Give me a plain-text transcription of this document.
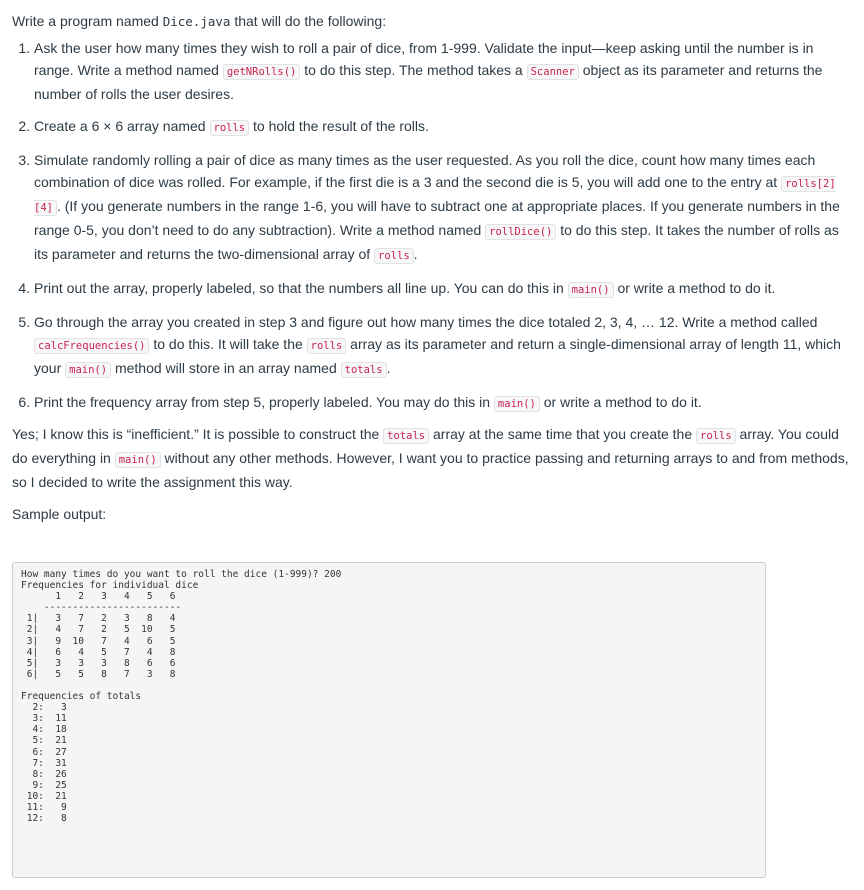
Write a program named Dice.java that will do the following:

1. Ask the user how many times they wish to roll a pair of dice, from 1-999. Validate the input—keep asking until the number is in range. Write a method named getNRolls() to do this step. The method takes a Scanner object as its parameter and returns the number of rolls the user desires.
2. Create a 6 × 6 array named rolls to hold the result of the rolls.
3. Simulate randomly rolling a pair of dice as many times as the user requested. As you roll the dice, count how many times each combination of dice was rolled. For example, if the first die is a 3 and the second die is 5, you will add one to the entry at rolls[2][4] . (If you generate numbers in the range 1-6, you will have to subtract one at appropriate places. If you generate numbers in the range 0-5, you don’t need to do any subtraction). Write a method named rollDice() to do this step. It takes the number of rolls as its parameter and returns the two-dimensional array of rolls .
4. Print out the array, properly labeled, so that the numbers all line up. You can do this in main() or write a method to do it.
5. Go through the array you created in step 3 and figure out how many times the dice totaled 2, 3, 4, … 12. Write a method called calcFrequencies() to do this. It will take the rolls array as its parameter and return a single-dimensional array of length 11, which your main() method will store in an array named totals .
6. Print the frequency array from step 5, properly labeled. You may do this in main() or write a method to do it.

Yes; I know this is “inefficient.” It is possible to construct the totals array at the same time that you create the rolls array. You could do everything in main() without any other methods. However, I want you to practice passing and returning arrays to and from methods, so I decided to write the assignment this way.

Sample output:

How many times do you want to roll the dice (1-999)? 200
Frequencies for individual dice
1   2   3   4   5   6
------------------------
1|   3   7   2   3   8   4
2|   4   7   2   5  10   5
3|   9  10   7   4   6   5
4|   6   4   5   7   4   8
5|   3   3   3   8   6   6
6|   5   5   8   7   3   8

Frequencies of totals
2:   3
3:  11
4:  18
5:  21
6:  27
7:  31
8:  26
9:  25
10:  21
11:   9
12:   8
